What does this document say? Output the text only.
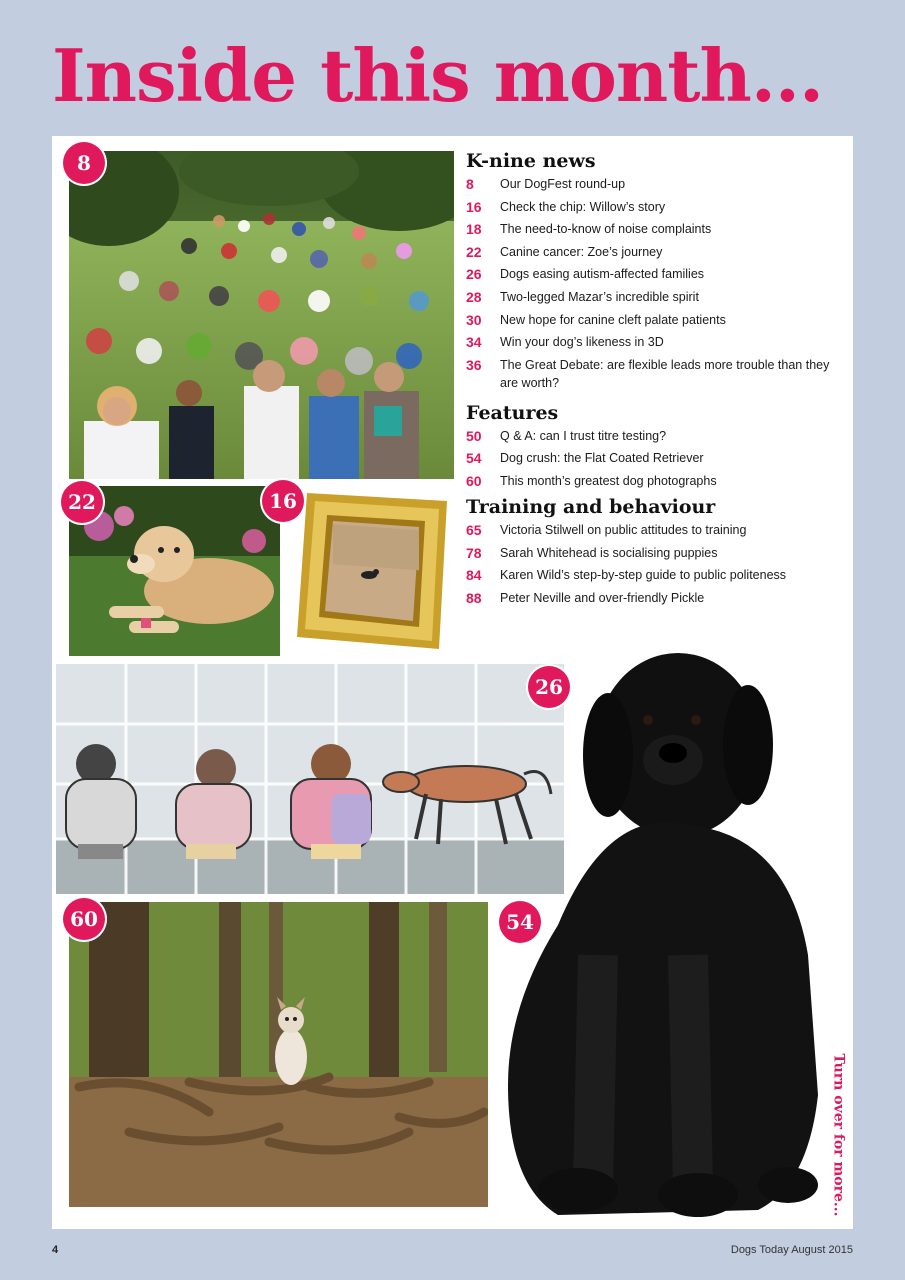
Inside this month...
8
22	16
26
60	54
K-nine news
8	Our DogFest round-up
16	Check the chip: Willow’s story
18	The need-to-know of noise complaints
22	Canine cancer: Zoe’s journey
26	Dogs easing autism-affected families
28	Two-legged Mazar’s incredible spirit
30	New hope for canine cleft palate patients
34	Win your dog’s likeness in 3D
36	The Great Debate: are flexible leads more trouble than they are worth?
Features
50	Q & A: can I trust titre testing?
54	Dog crush: the Flat Coated Retriever
60	This month’s greatest dog photographs
Training and behaviour
65	Victoria Stilwell on public attitudes to training
78	Sarah Whitehead is socialising puppies
84	Karen Wild’s step-by-step guide to public politeness
88	Peter Neville and over-friendly Pickle
Turn over for more...
4	Dogs Today August 2015
